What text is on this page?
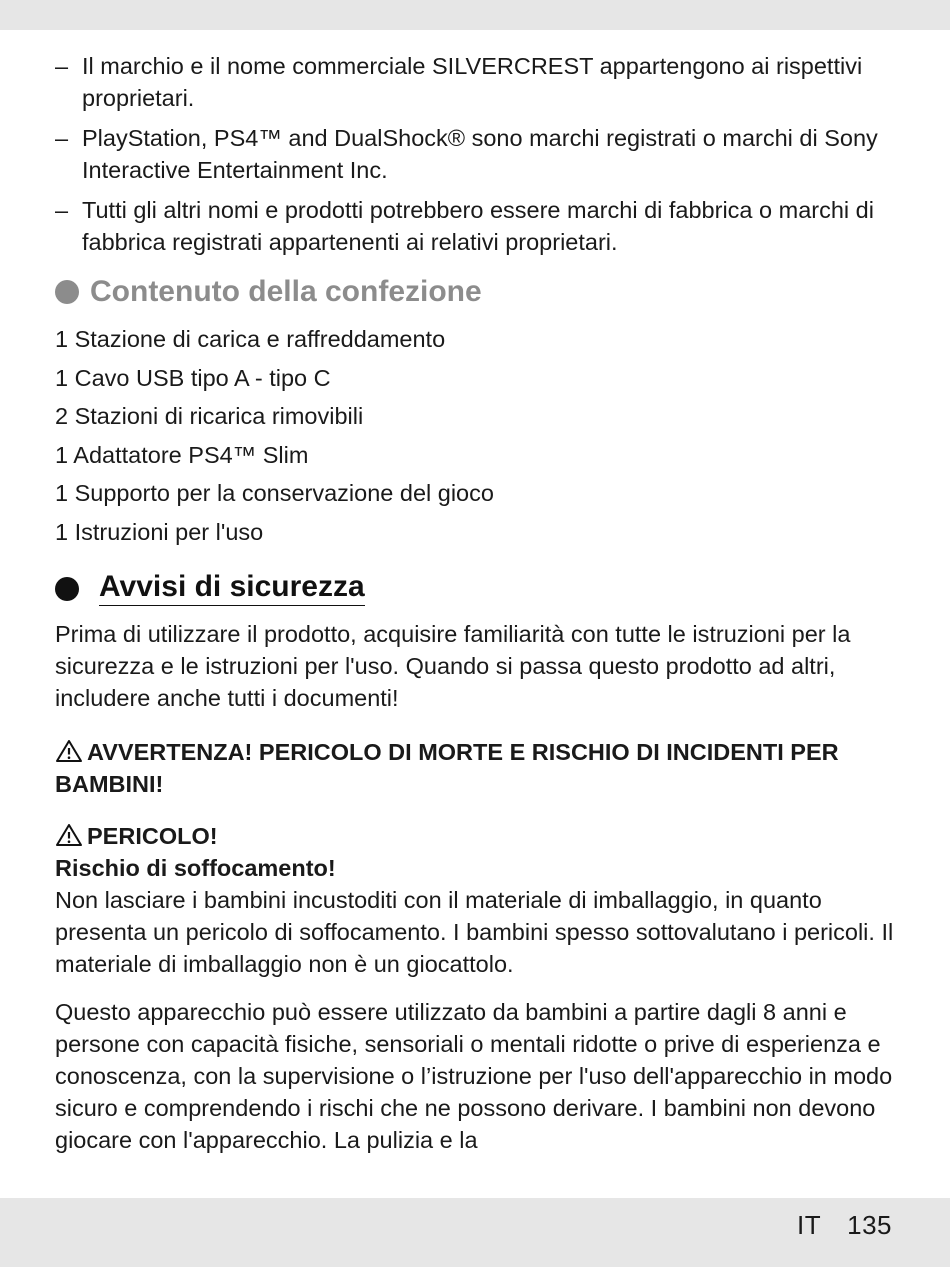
– Il marchio e il nome commerciale SILVERCREST appartengono ai rispettivi proprietari.
– PlayStation, PS4™ and DualShock® sono marchi registrati o marchi di Sony Interactive Entertainment Inc.
– Tutti gli altri nomi e prodotti potrebbero essere marchi di fabbrica o marchi di fabbrica registrati appartenenti ai relativi proprietari.
Contenuto della confezione
1 Stazione di carica e raffreddamento
1 Cavo USB tipo A - tipo C
2 Stazioni di ricarica rimovibili
1 Adattatore PS4™ Slim
1 Supporto per la conservazione del gioco
1 Istruzioni per l'uso
Avvisi di sicurezza

Prima di utilizzare il prodotto, acquisire familiarità con tutte le istruzioni per la sicurezza e le istruzioni per l'uso. Quando si passa questo prodotto ad altri, includere anche tutti i documenti!

AVVERTENZA! PERICOLO DI MORTE E RISCHIO DI INCIDENTI PER BAMBINI!
PERICOLO!
Rischio di soffocamento!

Non lasciare i bambini incustoditi con il materiale di imballaggio, in quanto presenta un pericolo di soffocamento. I bambini spesso sottovalutano i pericoli. Il materiale di imballaggio non è un giocattolo.

Questo apparecchio può essere utilizzato da bambini a partire dagli 8 anni e persone con capacità fisiche, sensoriali o mentali ridotte o prive di esperienza e conoscenza, con la supervisione o l’istruzione per l'uso dell'apparecchio in modo sicuro e comprendendo i rischi che ne possono derivare. I bambini non devono giocare con l'apparecchio. La pulizia e la

IT 135
